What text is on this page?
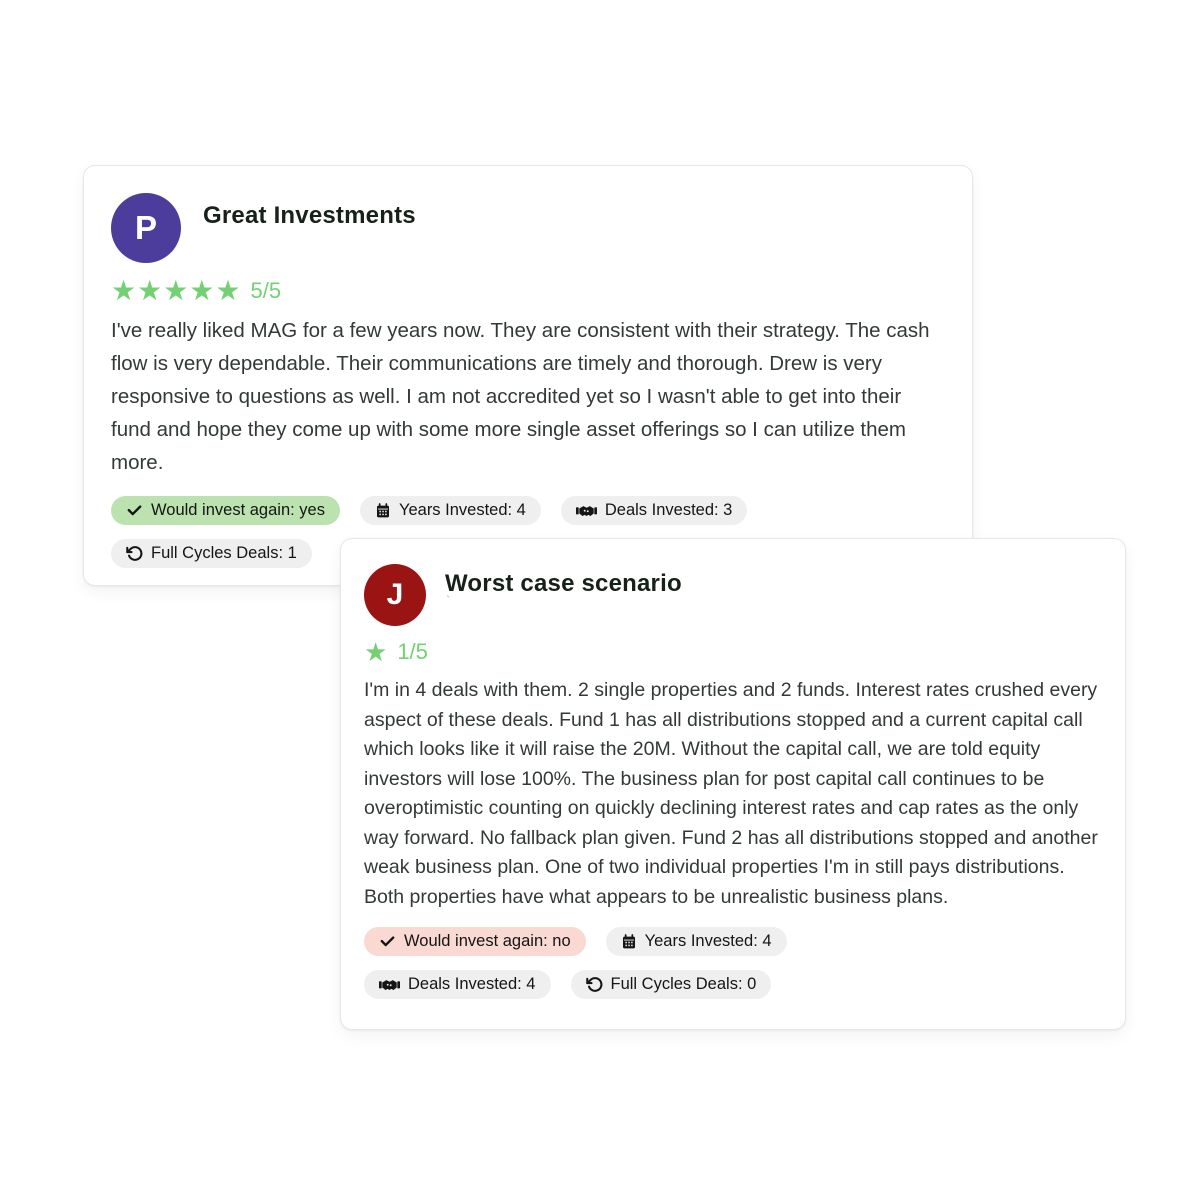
P	Great Investments
★★★★★ 5/5

I've really liked MAG for a few years now. They are consistent with their strategy. The cash flow is very dependable. Their communications are timely and thorough. Drew is very responsive to questions as well. I am not accredited yet so I wasn't able to get into their fund and hope they come up with some more single asset offerings so I can utilize them more.

Would invest again: yes	Years Invested: 4	Deals Invested: 3
Full Cycles Deals: 1
J	Worst case scenario
`
★ 1/5

I'm in 4 deals with them. 2 single properties and 2 funds. Interest rates crushed every aspect of these deals. Fund 1 has all distributions stopped and a current capital call which looks like it will raise the 20M. Without the capital call, we are told equity investors will lose 100%. The business plan for post capital call continues to be overoptimistic counting on quickly declining interest rates and cap rates as the only way forward. No fallback plan given. Fund 2 has all distributions stopped and another weak business plan. One of two individual properties I'm in still pays distributions. Both properties have what appears to be unrealistic business plans.

Would invest again: no	Years Invested: 4
Deals Invested: 4	Full Cycles Deals: 0
